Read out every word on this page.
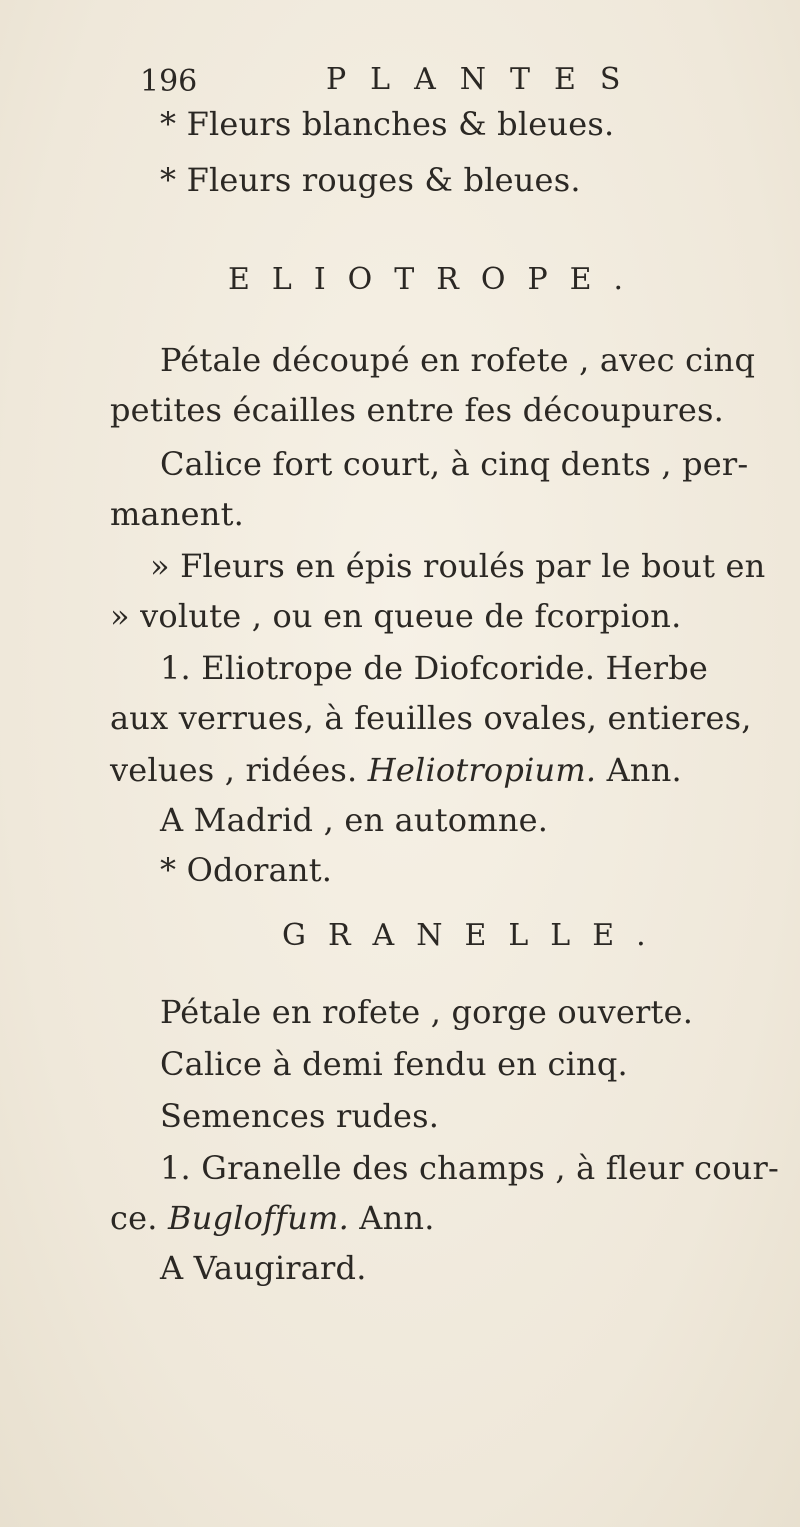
196	PLANTES
* Fleurs blanches & bleues.
* Fleurs rouges & bleues.
ELIOTROPE.
Pétale découpé en rofete , avec cinq
petites écailles entre fes découpures.
Calice fort court, à cinq dents , per-
manent.
» Fleurs en épis roulés par le bout en
» volute , ou en queue de fcorpion.
1. Eliotrope de Diofcoride. Herbe
aux verrues, à feuilles ovales, entieres,
velues , ridées. Heliotropium. Ann.
A Madrid , en automne.
* Odorant.
GRANELLE.
Pétale en rofete , gorge ouverte.
Calice à demi fendu en cinq.
Semences rudes.
1. Granelle des champs , à fleur cour-
ce. Bugloffum. Ann.
A Vaugirard.
